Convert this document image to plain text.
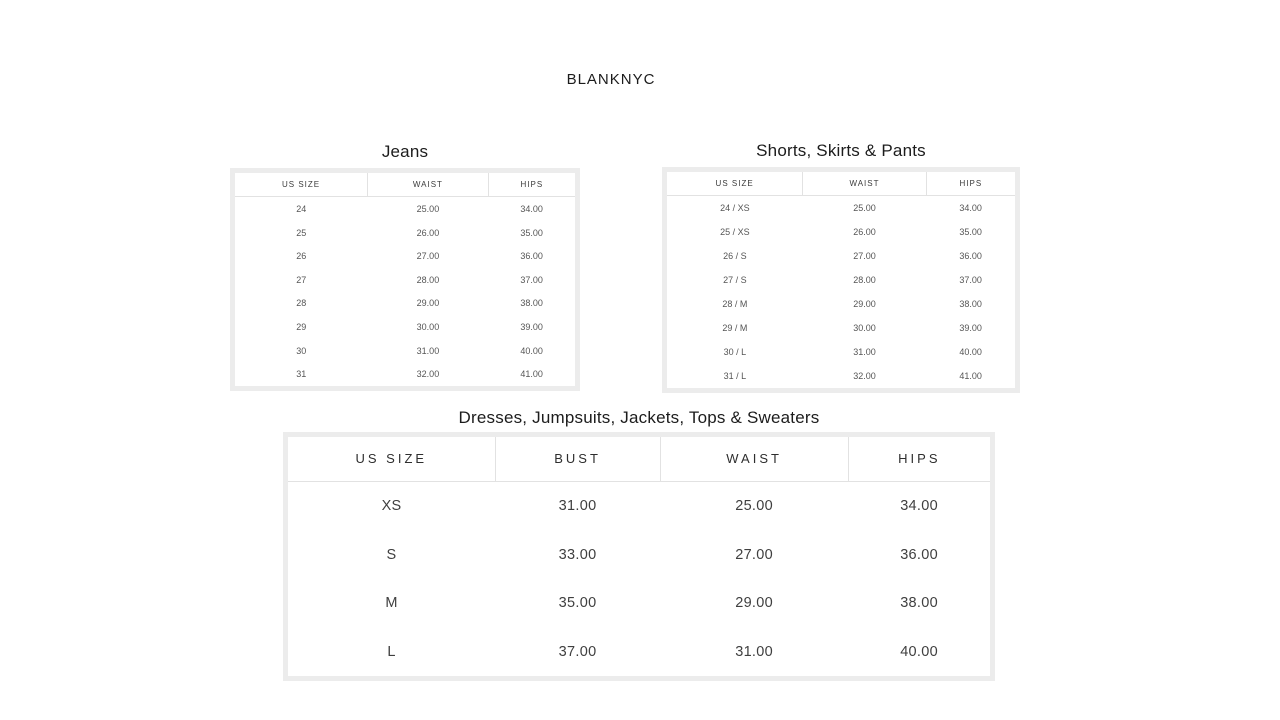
BLANKNYC
Jeans	Shorts, Skirts & Pants
Dresses, Jumpsuits, Jackets, Tops & Sweaters
US SIZE	WAIST	HIPS
24	25.00	34.00
25	26.00	35.00
26	27.00	36.00
27	28.00	37.00
28	29.00	38.00
29	30.00	39.00
30	31.00	40.00
31	32.00	41.00
US SIZE	WAIST	HIPS
24 / XS	25.00	34.00
25 / XS	26.00	35.00
26 / S	27.00	36.00
27 / S	28.00	37.00
28 / M	29.00	38.00
29 / M	30.00	39.00
30 / L	31.00	40.00
31 / L	32.00	41.00
US SIZE	BUST	WAIST	HIPS
XS	31.00	25.00	34.00
S	33.00	27.00	36.00
M	35.00	29.00	38.00
L	37.00	31.00	40.00
